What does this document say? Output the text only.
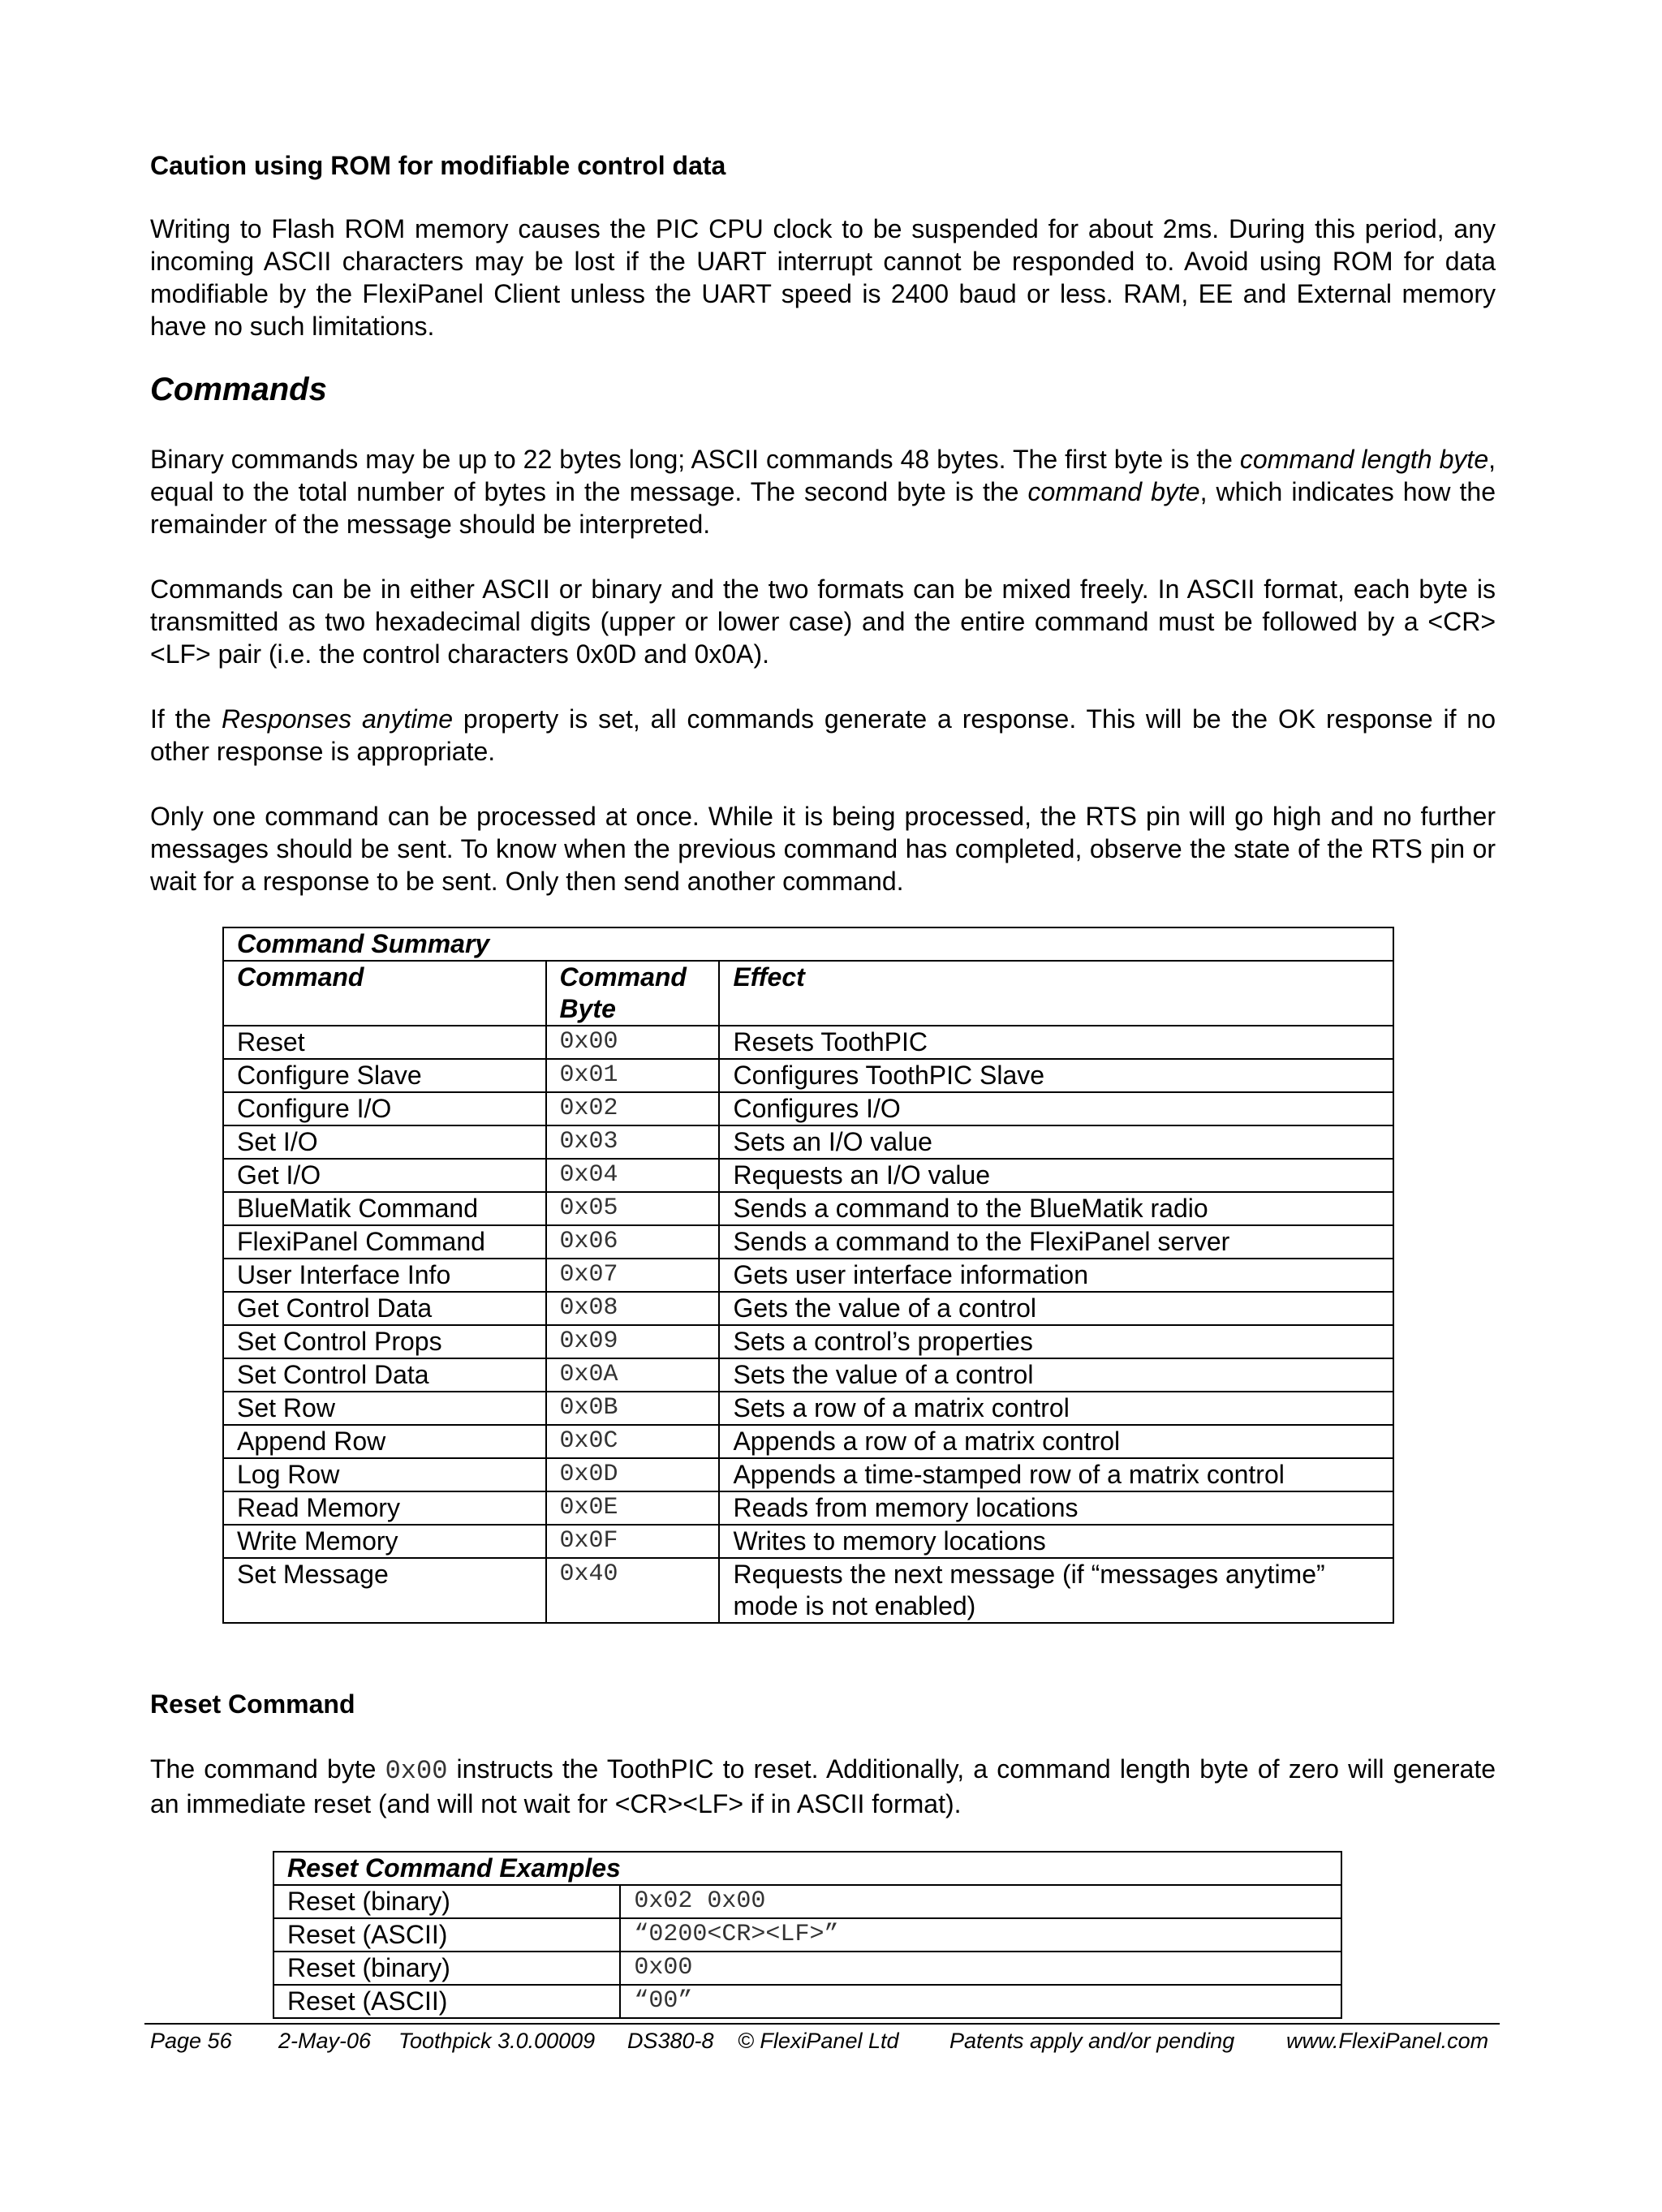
Caution using ROM for modifiable control data
Writing to Flash ROM memory causes the PIC CPU clock to be suspended for about 2ms. During this period, any incoming ASCII characters may be lost if the UART interrupt cannot be responded to. Avoid using ROM for data modifiable by the FlexiPanel Client unless the UART speed is 2400 baud or less. RAM, EE and External memory have no such limitations.
Commands
Binary commands may be up to 22 bytes long; ASCII commands 48 bytes. The first byte is the command length byte, equal to the total number of bytes in the message. The second byte is the command byte, which indicates how the remainder of the message should be interpreted.
Commands can be in either ASCII or binary and the two formats can be mixed freely. In ASCII format, each byte is transmitted as two hexadecimal digits (upper or lower case) and the entire command must be followed by a <CR><LF> pair (i.e. the control characters 0x0D and 0x0A).
If the Responses anytime property is set, all commands generate a response. This will be the OK response if no other response is appropriate.
Only one command can be processed at once. While it is being processed, the RTS pin will go high and no further messages should be sent. To know when the previous command has completed, observe the state of the RTS pin or wait for a response to be sent. Only then send another command.
Command Summary		
Command	Command Byte	Effect
Reset	0x00	Resets ToothPIC
Configure Slave	0x01	Configures ToothPIC Slave
Configure I/O	0x02	Configures I/O
Set I/O	0x03	Sets an I/O value
Get I/O	0x04	Requests an I/O value
BlueMatik Command	0x05	Sends a command to the BlueMatik radio
FlexiPanel Command	0x06	Sends a command to the FlexiPanel server
User Interface Info	0x07	Gets user interface information
Get Control Data	0x08	Gets the value of a control
Set Control Props	0x09	Sets a control’s properties
Set Control Data	0x0A	Sets the value of a control
Set Row	0x0B	Sets a row of a matrix control
Append Row	0x0C	Appends a row of a matrix control
Log Row	0x0D	Appends a time-stamped row of a matrix control
Read Memory	0x0E	Reads from memory locations
Write Memory	0x0F	Writes to memory locations
Set Message	0x40	Requests the next message (if “messages anytime” mode is not enabled)
Reset Command
The command byte 0x00 instructs the ToothPIC to reset. Additionally, a command length byte of zero will generate an immediate reset (and will not wait for <CR><LF> if in ASCII format).
Reset Command Examples	
Reset (binary)	0x02 0x00
Reset (ASCII)	“0200<CR><LF>”
Reset (binary)	0x00
Reset (ASCII)	“00”
Page 56 2-May-06 Toothpick 3.0.00009 DS380-8 © FlexiPanel Ltd Patents apply and/or pending www.FlexiPanel.com
